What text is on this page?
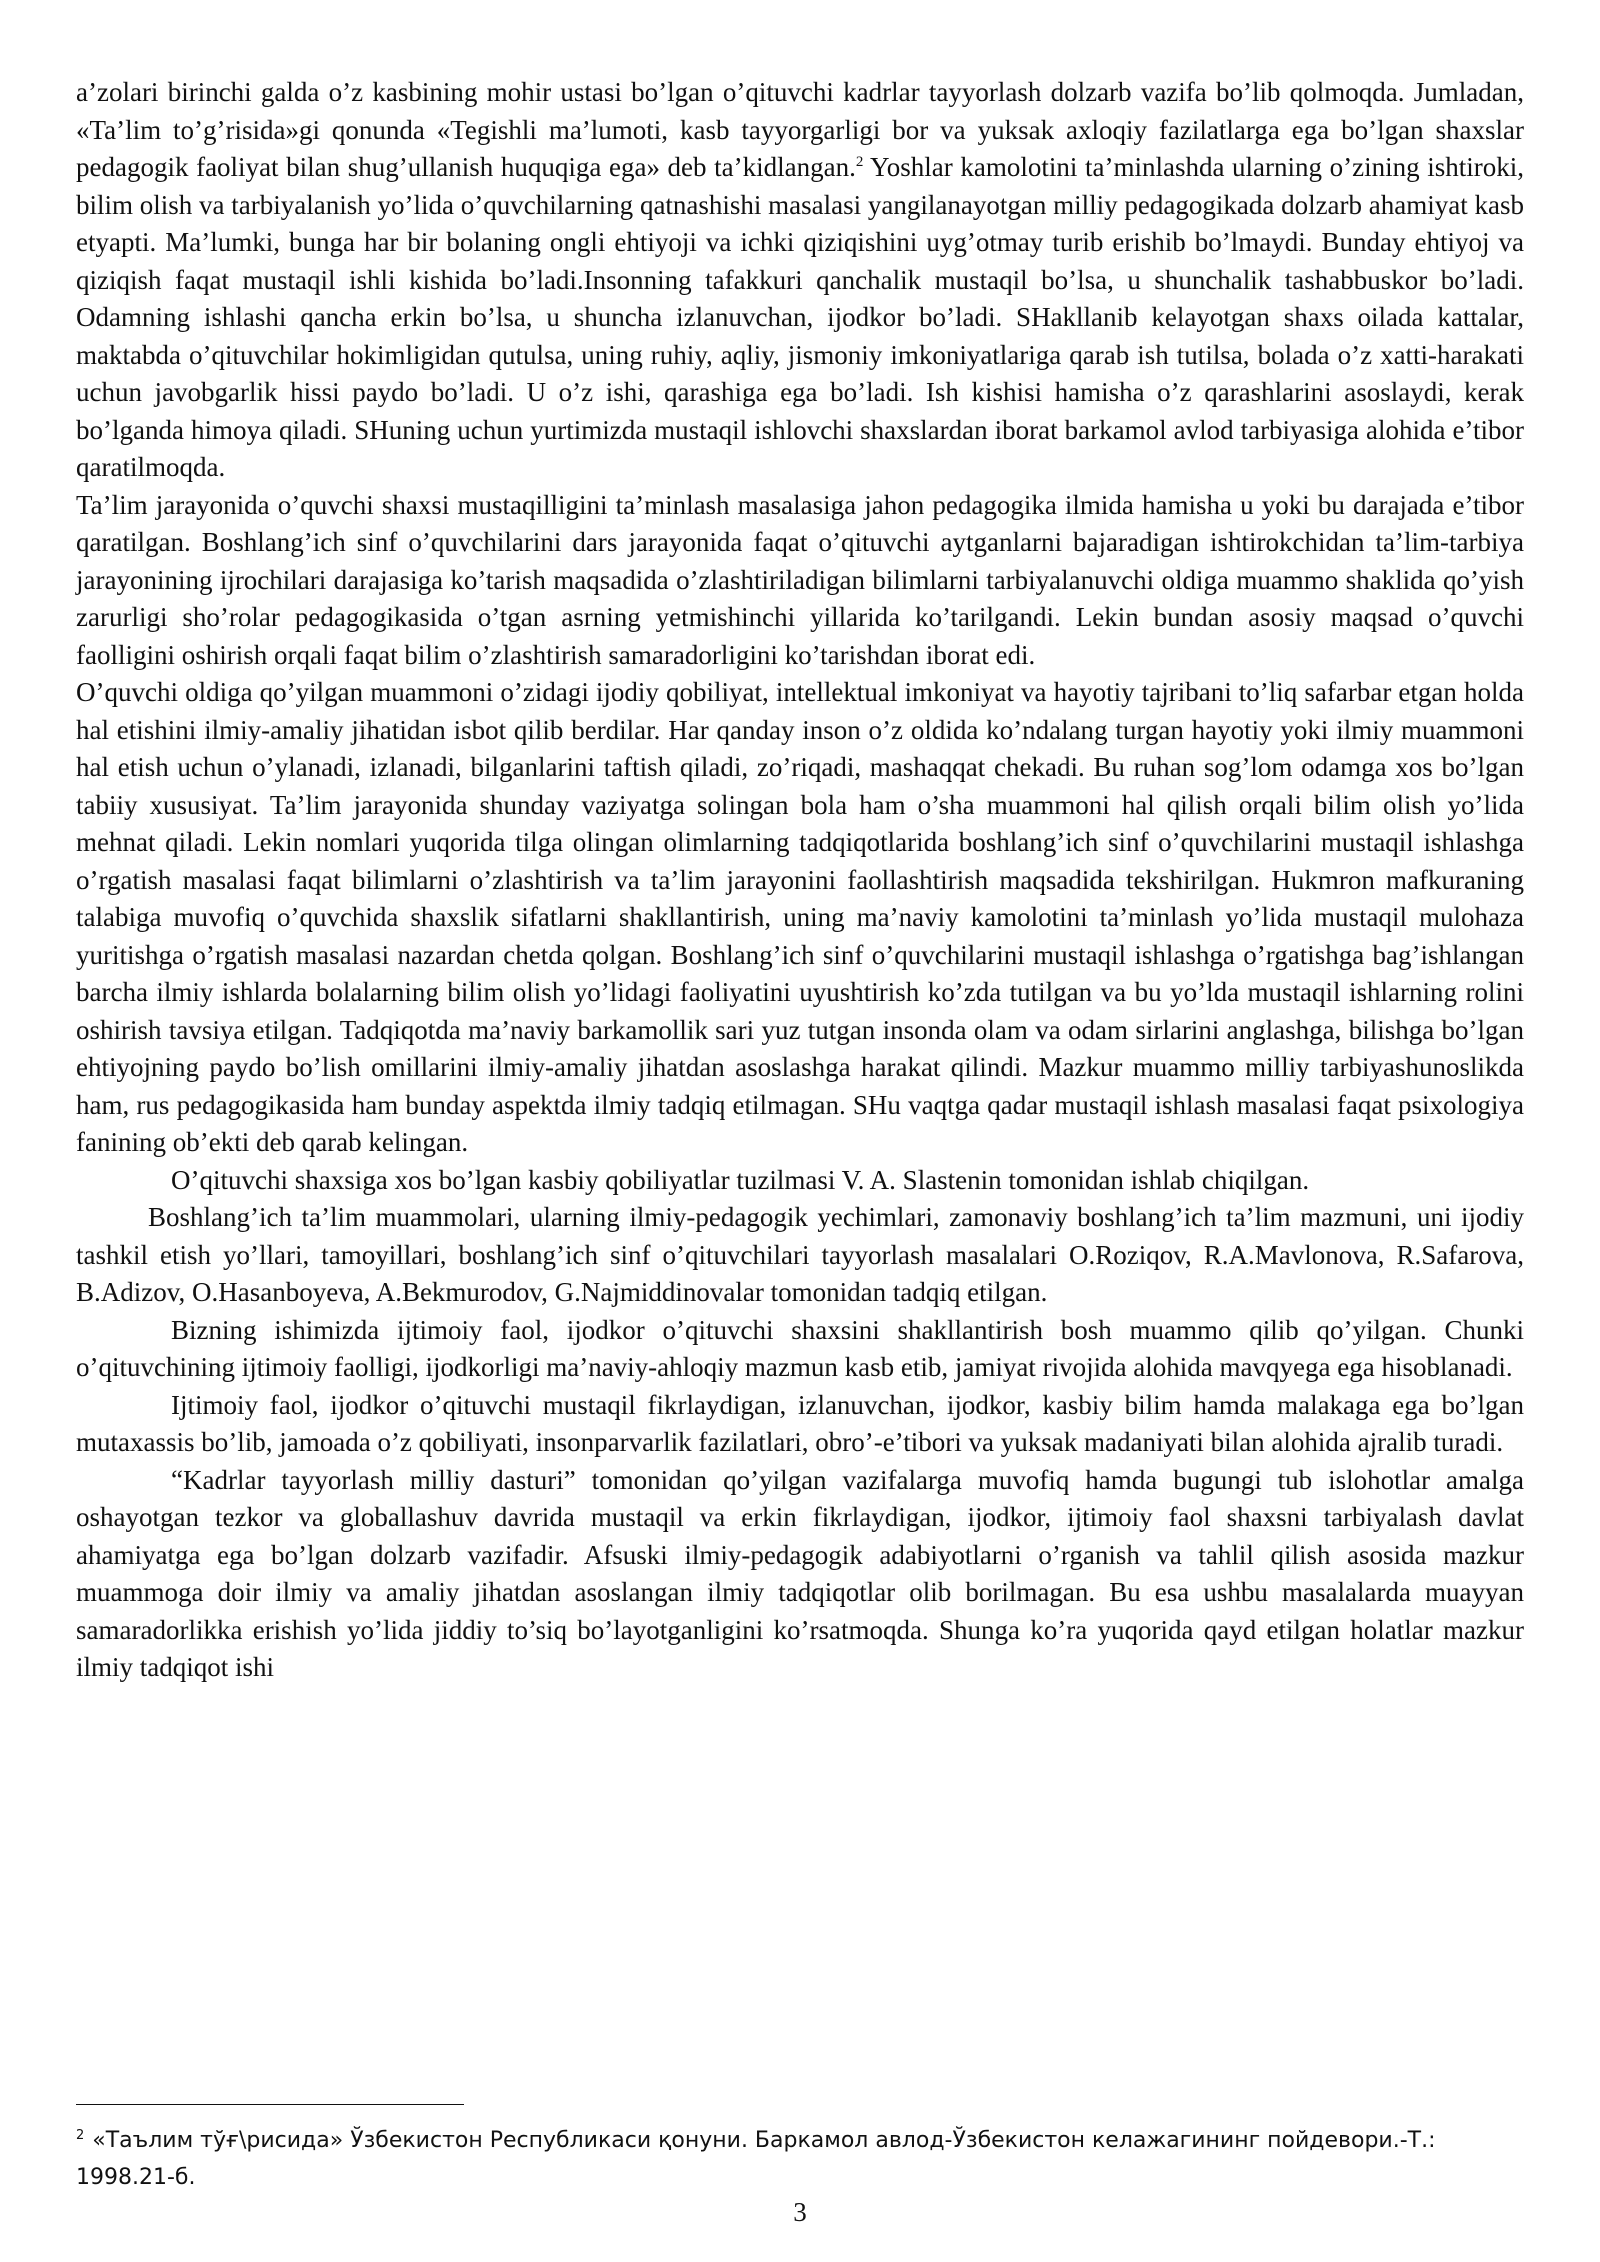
a’zolari birinchi galda o’z kasbining mohir ustasi bo’lgan o’qituvchi kadrlar tayyorlash dolzarb vazifa bo’lib qolmoqda. Jumladan, «Ta’lim to’g’risida»gi qonunda «Tegishli ma’lumoti, kasb tayyorgarligi bor va yuksak axloqiy fazilatlarga ega bo’lgan shaxslar pedagogik faoliyat bilan shug’ullanish huquqiga ega» deb ta’kidlangan.$^2$ Yoshlar kamolotini ta’minlashda ularning o’zining ishtiroki, bilim olish va tarbiyalanish yo’lida o’quvchilarning qatnashishi masalasi yangilanayotgan milliy pedagogikada dolzarb ahamiyat kasb etyapti. Ma’lumki, bunga har bir bolaning ongli ehtiyoji va ichki qiziqishini uyg’otmay turib erishib bo’lmaydi. Bunday ehtiyoj va qiziqish faqat mustaqil ishli kishida bo’ladi.Insonning tafakkuri qanchalik mustaqil bo’lsa, u shunchalik tashabbuskor bo’ladi. Odamning ishlashi qancha erkin bo’lsa, u shuncha izlanuvchan, ijodkor bo’ladi. SHakllanib kelayotgan shaxs oilada kattalar, maktabda o’qituvchilar hokimligidan qutulsa, uning ruhiy, aqliy, jismoniy imkoniyatlariga qarab ish tutilsa, bolada o’z xatti-harakati uchun javobgarlik hissi paydo bo’ladi. U o’z ishi, qarashiga ega bo’ladi. Ish kishisi hamisha o’z qarashlarini asoslaydi, kerak bo’lganda himoya qiladi. SHuning uchun yurtimizda mustaqil ishlovchi shaxslardan iborat barkamol avlod tarbiyasiga alohida e’tibor qaratilmoqda.

Ta’lim jarayonida o’quvchi shaxsi mustaqilligini ta’minlash masalasiga jahon pedagogika ilmida hamisha u yoki bu darajada e’tibor qaratilgan. Boshlang’ich sinf o’quvchilarini dars jarayonida faqat o’qituvchi aytganlarni bajaradigan ishtirokchidan ta’lim-tarbiya jarayonining ijrochilari darajasiga ko’tarish maqsadida o’zlashtiriladigan bilimlarni tarbiyalanuvchi oldiga muammo shaklida qo’yish zarurligi sho’rolar pedagogikasida o’tgan asrning yetmishinchi yillarida ko’tarilgandi. Lekin bundan asosiy maqsad o’quvchi faolligini oshirish orqali faqat bilim o’zlashtirish samaradorligini ko’tarishdan iborat edi.

O’quvchi oldiga qo’yilgan muammoni o’zidagi ijodiy qobiliyat, intellektual imkoniyat va hayotiy tajribani to’liq safarbar etgan holda hal etishini ilmiy-amaliy jihatidan isbot qilib berdilar. Har qanday inson o’z oldida ko’ndalang turgan hayotiy yoki ilmiy muammoni hal etish uchun o’ylanadi, izlanadi, bilganlarini taftish qiladi, zo’riqadi, mashaqqat chekadi. Bu ruhan sog’lom odamga xos bo’lgan tabiiy xususiyat. Ta’lim jarayonida shunday vaziyatga solingan bola ham o’sha muammoni hal qilish orqali bilim olish yo’lida mehnat qiladi. Lekin nomlari yuqorida tilga olingan olimlarning tadqiqotlarida boshlang’ich sinf o’quvchilarini mustaqil ishlashga o’rgatish masalasi faqat bilimlarni o’zlashtirish va ta’lim jarayonini faollashtirish maqsadida tekshirilgan. Hukmron mafkuraning talabiga muvofiq o’quvchida shaxslik sifatlarni shakllantirish, uning ma’naviy kamolotini ta’minlash yo’lida mustaqil mulohaza yuritishga o’rgatish masalasi nazardan chetda qolgan. Boshlang’ich sinf o’quvchilarini mustaqil ishlashga o’rgatishga bag’ishlangan barcha ilmiy ishlarda bolalarning bilim olish yo’lidagi faoliyatini uyushtirish ko’zda tutilgan va bu yo’lda mustaqil ishlarning rolini oshirish tavsiya etilgan. Tadqiqotda ma’naviy barkamollik sari yuz tutgan insonda olam va odam sirlarini anglashga, bilishga bo’lgan ehtiyojning paydo bo’lish omillarini ilmiy-amaliy jihatdan asoslashga harakat qilindi. Mazkur muammo milliy tarbiyashunoslikda ham, rus pedagogikasida ham bunday aspektda ilmiy tadqiq etilmagan. SHu vaqtga qadar mustaqil ishlash masalasi faqat psixologiya fanining ob’ekti deb qarab kelingan.

O’qituvchi shaxsiga xos bo’lgan kasbiy qobiliyatlar tuzilmasi V. A. Slastenin tomonidan ishlab chiqilgan.

Boshlang’ich ta’lim muammolari, ularning ilmiy-pedagogik yechimlari, zamonaviy boshlang’ich ta’lim mazmuni, uni ijodiy tashkil etish yo’llari, tamoyillari, boshlang’ich sinf o’qituvchilari tayyorlash masalalari O.Roziqov, R.A.Mavlonova, R.Safarova, B.Adizov, O.Hasanboyeva, A.Bekmurodov, G.Najmiddinovalar tomonidan tadqiq etilgan.

Bizning ishimizda ijtimoiy faol, ijodkor o’qituvchi shaxsini shakllantirish bosh muammo qilib qo’yilgan. Chunki o’qituvchining ijtimoiy faolligi, ijodkorligi ma’naviy-ahloqiy mazmun kasb etib, jamiyat rivojida alohida mavqyega ega hisoblanadi.

Ijtimoiy faol, ijodkor o’qituvchi mustaqil fikrlaydigan, izlanuvchan, ijodkor, kasbiy bilim hamda malakaga ega bo’lgan mutaxassis bo’lib, jamoada o’z qobiliyati, insonparvarlik fazilatlari, obro’-e’tibori va yuksak madaniyati bilan alohida ajralib turadi.

“Kadrlar tayyorlash milliy dasturi” tomonidan qo’yilgan vazifalarga muvofiq hamda bugungi tub islohotlar amalga oshayotgan tezkor va globallashuv davrida mustaqil va erkin fikrlaydigan, ijodkor, ijtimoiy faol shaxsni tarbiyalash davlat ahamiyatga ega bo’lgan dolzarb vazifadir. Afsuski ilmiy-pedagogik adabiyotlarni o’rganish va tahlil qilish asosida mazkur muammoga doir ilmiy va amaliy jihatdan asoslangan ilmiy tadqiqotlar olib borilmagan. Bu esa ushbu masalalarda muayyan samaradorlikka erishish yo’lida jiddiy to’siq bo’layotganligini ko’rsatmoqda. Shunga ko’ra yuqorida qayd etilgan holatlar mazkur ilmiy tadqiqot ishi

$^2$ «Таълим тўғ\рисида» Ўзбекистон Республикаси қонуни. Баркамол авлод-Ўзбекистон келажагининг пойдевори.-Т.: 1998.21-б.
3
